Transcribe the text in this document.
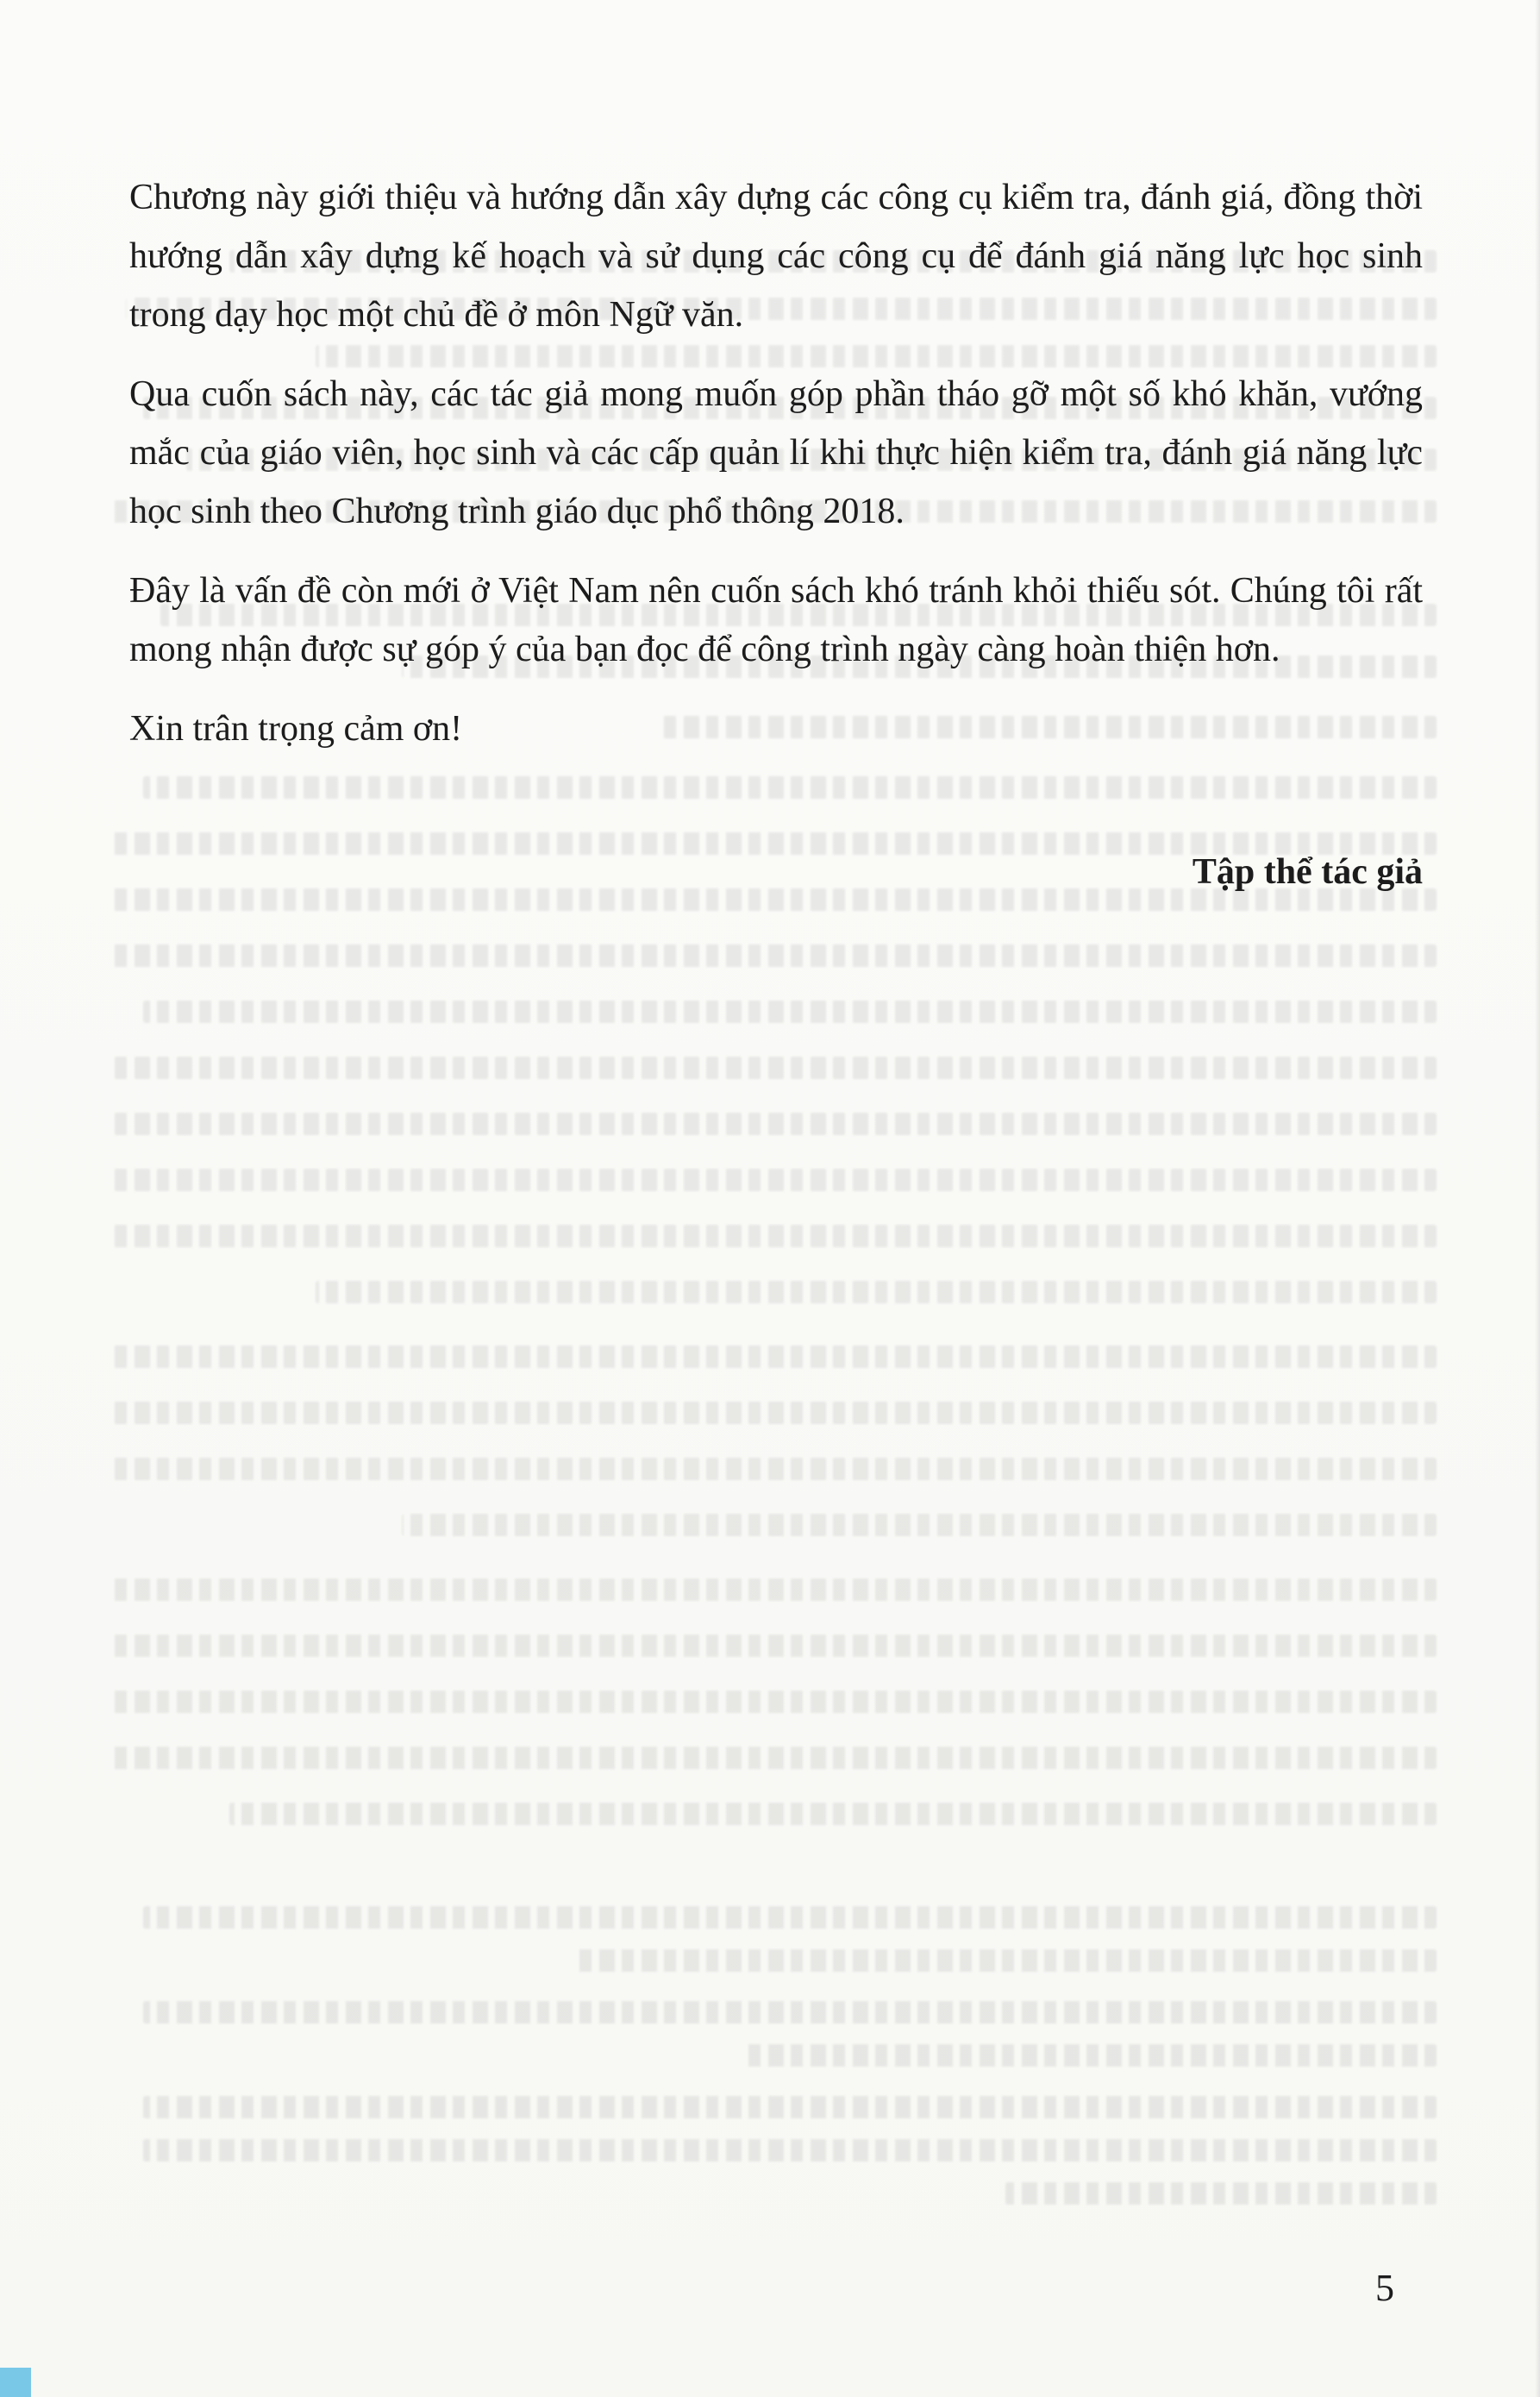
Chương này giới thiệu và hướng dẫn xây dựng các công cụ kiểm tra, đánh giá, đồng thời hướng dẫn xây dựng kế hoạch và sử dụng các công cụ để đánh giá năng lực học sinh trong dạy học một chủ đề ở môn Ngữ văn.

Qua cuốn sách này, các tác giả mong muốn góp phần tháo gỡ một số khó khăn, vướng mắc của giáo viên, học sinh và các cấp quản lí khi thực hiện kiểm tra, đánh giá năng lực học sinh theo Chương trình giáo dục phổ thông 2018.

Đây là vấn đề còn mới ở Việt Nam nên cuốn sách khó tránh khỏi thiếu sót. Chúng tôi rất mong nhận được sự góp ý của bạn đọc để công trình ngày càng hoàn thiện hơn.

Xin trân trọng cảm ơn!

Tập thể tác giả
5
